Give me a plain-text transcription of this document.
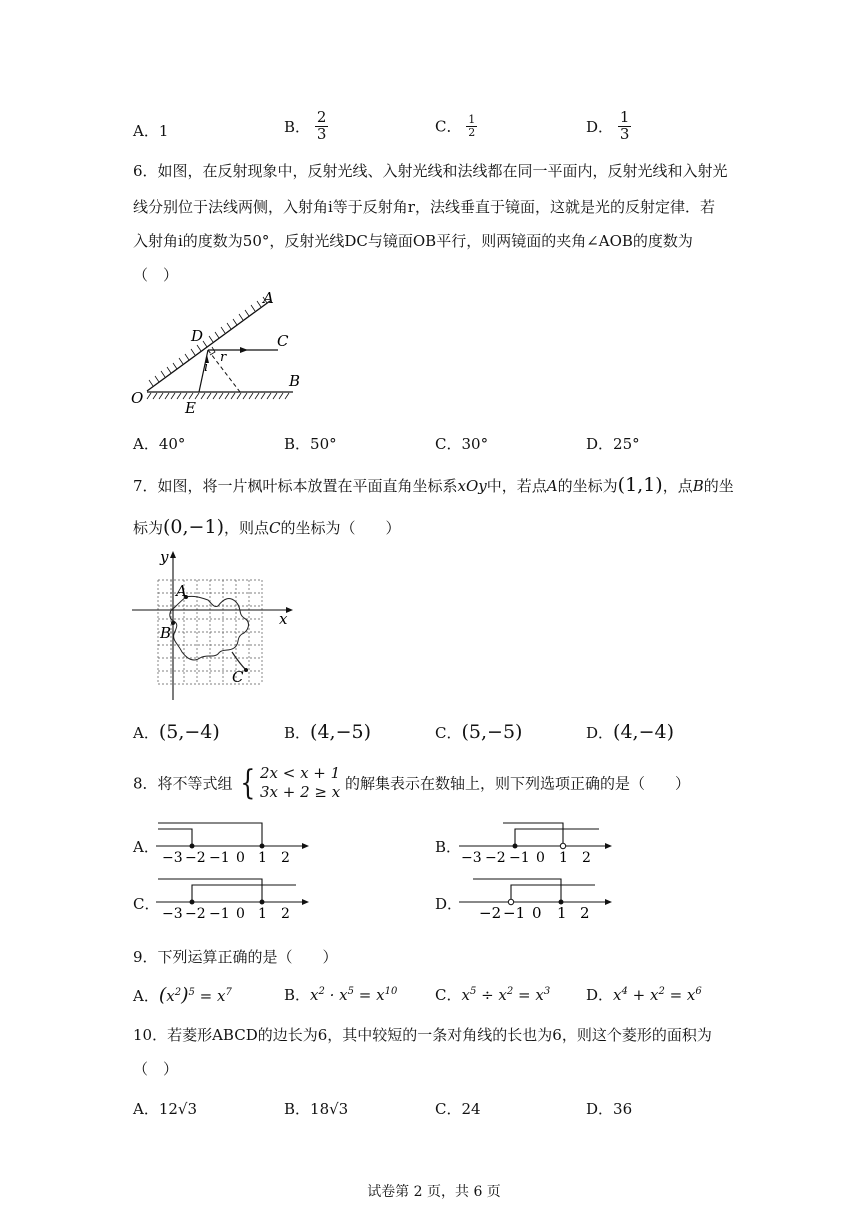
A．1	B． $\frac{2}{3}$	C． $\frac{1}{2}$	D． $\frac{1}{3}$
6．如图，在反射现象中，反射光线、入射光线和法线都在同一平面内，反射光线和入射光
线分别位于法线两侧，入射角i等于反射角r，法线垂直于镜面，这就是光的反射定律．若
入射角i的度数为50°，反射光线DC与镜面OB平行，则两镜面的夹角∠AOB的度数为
（　）
D
A
C
B
O
E
i
r
A．40°	B．50°	C．30°	D．25°
7．如图，将一片枫叶标本放置在平面直角坐标系xOy中，若点A的坐标为(1,1)，点B的坐
标为(0,−1)，则点C的坐标为（　　）
y
x
A
B
C
A．(5,−4)	B．(4,−5)	C．(5,−5)	D．(4,−4)
8．将不等式组 { 2x < x + 1
3x + 2 ≥ x 的解集表示在数轴上，则下列选项正确的是（　　）
A．
−3 −2 −1 0 1 2
B．
−3 −2 −1 0 1 2
C．
−3 −2 −1 0 1 2
D． −2 −1 0 1 2
9．下列运算正确的是（　　）
A．$(x^2)^5 = x^7$	B．$x^2 \cdot x^5 = x^{10}$	C．$x^5 \div x^2 = x^3$ D．$x^4 + x^2 = x^6$
10．若菱形ABCD的边长为6，其中较短的一条对角线的长也为6，则这个菱形的面积为
（　）
A．12√3	B．18√3	C．24	D．36
试卷第 2 页，共 6 页
